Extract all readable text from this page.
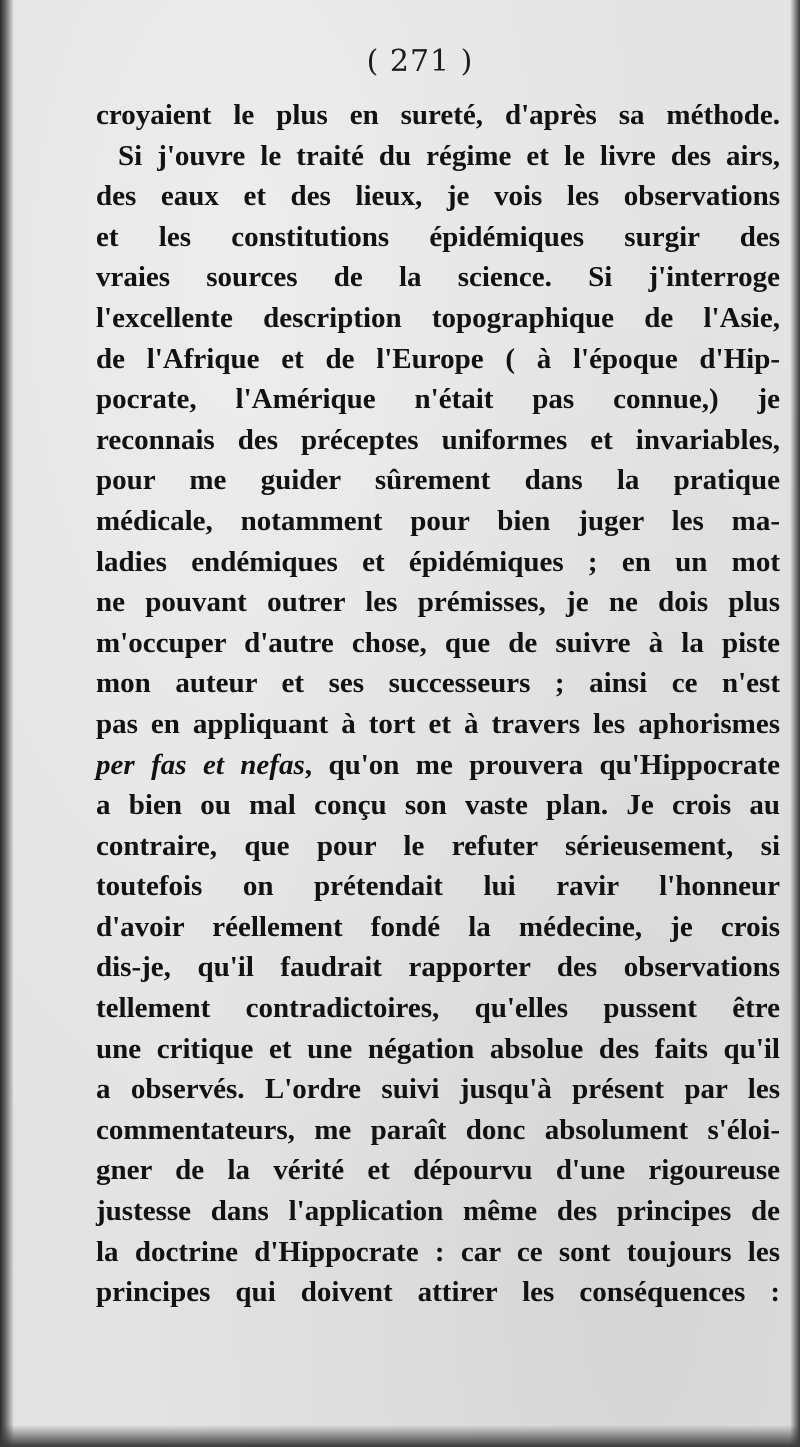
( 271 )
croyaient le plus en sureté, d'après sa méthode.
Si j'ouvre le traité du régime et le livre des airs,
des eaux et des lieux, je vois les observations
et les constitutions épidémiques surgir des
vraies sources de la science. Si j'interroge
l'excellente description topographique de l'Asie,
de l'Afrique et de l'Europe ( à l'époque d'Hip-
pocrate, l'Amérique n'était pas connue,) je
reconnais des préceptes uniformes et invariables,
pour me guider sûrement dans la pratique
médicale, notamment pour bien juger les ma-
ladies endémiques et épidémiques ; en un mot
ne pouvant outrer les prémisses, je ne dois plus
m'occuper d'autre chose, que de suivre à la piste
mon auteur et ses successeurs ; ainsi ce n'est
pas en appliquant à tort et à travers les aphorismes
per fas et nefas, qu'on me prouvera qu'Hippocrate
a bien ou mal conçu son vaste plan. Je crois au
contraire, que pour le refuter sérieusement, si
toutefois on prétendait lui ravir l'honneur
d'avoir réellement fondé la médecine, je crois
dis-je, qu'il faudrait rapporter des observations
tellement contradictoires, qu'elles pussent être
une critique et une négation absolue des faits qu'il
a observés. L'ordre suivi jusqu'à présent par les
commentateurs, me paraît donc absolument s'éloi-
gner de la vérité et dépourvu d'une rigoureuse
justesse dans l'application même des principes de
la doctrine d'Hippocrate : car ce sont toujours les
principes qui doivent attirer les conséquences :
